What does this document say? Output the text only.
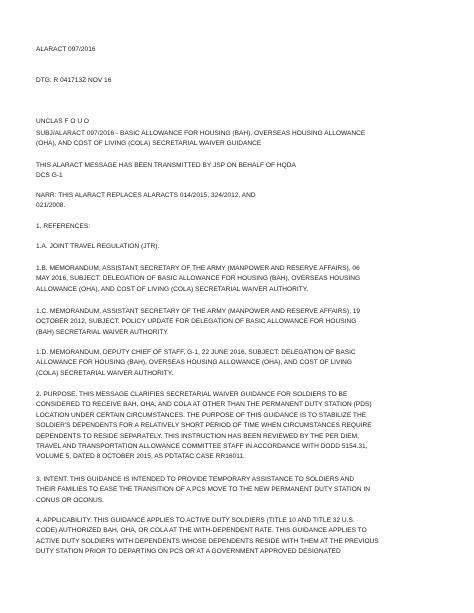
ALARACT 097/2016
DTG: R 041713Z NOV 16
UNCLAS F O U O
SUBJ/ALARACT 097/2016 - BASIC ALLOWANCE FOR HOUSING (BAH), OVERSEAS HOUSING ALLOWANCE
(OHA), AND COST OF LIVING (COLA) SECRETARIAL WAIVER GUIDANCE
THIS ALARACT MESSAGE HAS BEEN TRANSMITTED BY JSP ON BEHALF OF HQDA
DCS G-1
NARR: THIS ALARACT REPLACES ALARACTS 014/2015, 324/2012, AND
021/2008.
1. REFERENCES:
1.A. JOINT TRAVEL REGULATION (JTR).
1.B. MEMORANDUM, ASSISTANT SECRETARY OF THE ARMY (MANPOWER AND RESERVE AFFAIRS), 06
MAY 2016, SUBJECT: DELEGATION OF BASIC ALLOWANCE FOR HOUSING (BAH), OVERSEAS HOUSING
ALLOWANCE (OHA), AND COST OF LIVING (COLA) SECRETARIAL WAIVER AUTHORITY.
1.C. MEMORANDUM, ASSISTANT SECRETARY OF THE ARMY (MANPOWER AND RESERVE AFFAIRS), 19
OCTOBER 2012, SUBJECT: POLICY UPDATE FOR DELEGATION OF BASIC ALLOWANCE FOR HOUSING
(BAH) SECRETARIAL WAIVER AUTHORITY.
1.D. MEMORANDUM, DEPUTY CHIEF OF STAFF, G-1, 22 JUNE 2016, SUBJECT: DELEGATION OF BASIC
ALLOWANCE FOR HOUSING (BAH), OVERSEAS HOUSING ALLOWANCE (OHA), AND COST OF LIVING
(COLA) SECRETARIAL WAIVER AUTHORITY.
2. PURPOSE. THIS MESSAGE CLARIFIES SECRETARIAL WAIVER GUIDANCE FOR SOLDIERS TO BE
CONSIDERED TO RECEIVE BAH, OHA, AND COLA AT OTHER THAN THE PERMANENT DUTY STATION (PDS)
LOCATION UNDER CERTAIN CIRCUMSTANCES. THE PURPOSE OF THIS GUIDANCE IS TO STABILIZE THE
SOLDIER'S DEPENDENTS FOR A RELATIVELY SHORT PERIOD OF TIME WHEN CIRCUMSTANCES REQUIRE
DEPENDENTS TO RESIDE SEPARATELY. THIS INSTRUCTION HAS BEEN REVIEWED BY THE PER DIEM,
TRAVEL AND TRANSPORTATION ALLOWANCE COMMITTEE STAFF IN ACCORDANCE WITH DODD 5154.31,
VOLUME 5, DATED 8 OCTOBER 2015, AS PDTATAC CASE RR16011.
3. INTENT. THIS GUIDANCE IS INTENDED TO PROVIDE TEMPORARY ASSISTANCE TO SOLDIERS AND
THEIR FAMILIES TO EASE THE TRANSITION OF A PCS MOVE TO THE NEW PERMANENT DUTY STATION IN
CONUS OR OCONUS.
4. APPLICABILITY. THIS GUIDANCE APPLIES TO ACTIVE DUTY SOLDIERS (TITLE 10 AND TITLE 32 U.S.
CODE) AUTHORIZED BAH, OHA, OR COLA AT THE WITH-DEPENDENT RATE. THIS GUIDANCE APPLIES TO
ACTIVE DUTY SOLDIERS WITH DEPENDENTS WHOSE DEPENDENTS RESIDE WITH THEM AT THE PREVIOUS
DUTY STATION PRIOR TO DEPARTING ON PCS OR AT A GOVERNMENT APPROVED DESIGNATED
